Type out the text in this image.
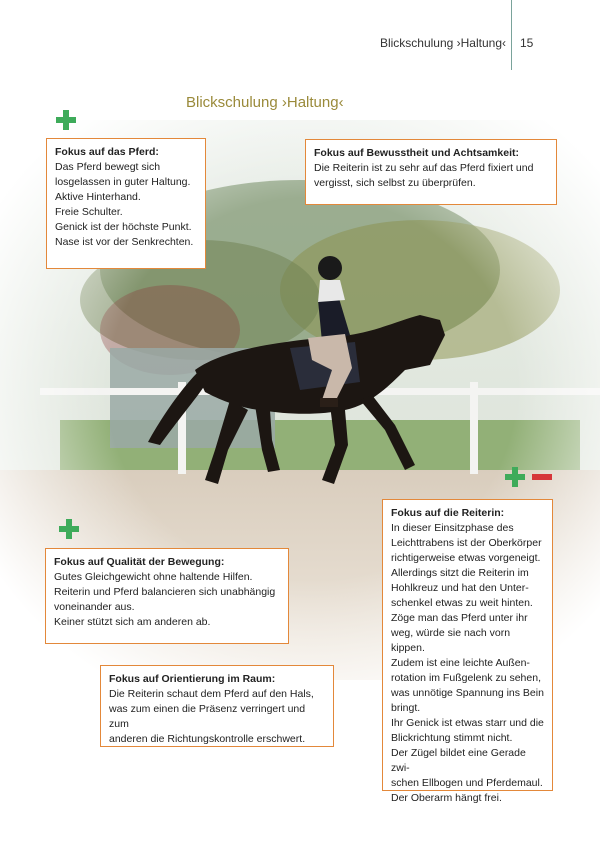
Blickschulung ›Haltung‹ 15
Blickschulung ›Haltung‹
Fokus auf das Pferd:
Das Pferd bewegt sich
losgelassen in guter Haltung.
Aktive Hinterhand.
Freie Schulter.
Genick ist der höchste Punkt.
Nase ist vor der Senkrechten.
Fokus auf Bewusstheit und Achtsamkeit:
Die Reiterin ist zu sehr auf das Pferd fixiert und
vergisst, sich selbst zu überprüfen.
Fokus auf Qualität der Bewegung:
Gutes Gleichgewicht ohne haltende Hilfen.
Reiterin und Pferd balancieren sich unabhängig
voneinander aus.
Keiner stützt sich am anderen ab.
Fokus auf Orientierung im Raum:
Die Reiterin schaut dem Pferd auf den Hals,
was zum einen die Präsenz verringert und zum
anderen die Richtungskontrolle erschwert.
Fokus auf die Reiterin:
In dieser Einsitzphase des
Leichttrabens ist der Oberkörper
richtigerweise etwas vorgeneigt.
Allerdings sitzt die Reiterin im
Hohlkreuz und hat den Unter-
schenkel etwas zu weit hinten.
Zöge man das Pferd unter ihr
weg, würde sie nach vorn kippen.
Zudem ist eine leichte Außen-
rotation im Fußgelenk zu sehen,
was unnötige Spannung ins Bein
bringt.
Ihr Genick ist etwas starr und die
Blickrichtung stimmt nicht.
Der Zügel bildet eine Gerade zwi-
schen Ellbogen und Pferdemaul.
Der Oberarm hängt frei.
